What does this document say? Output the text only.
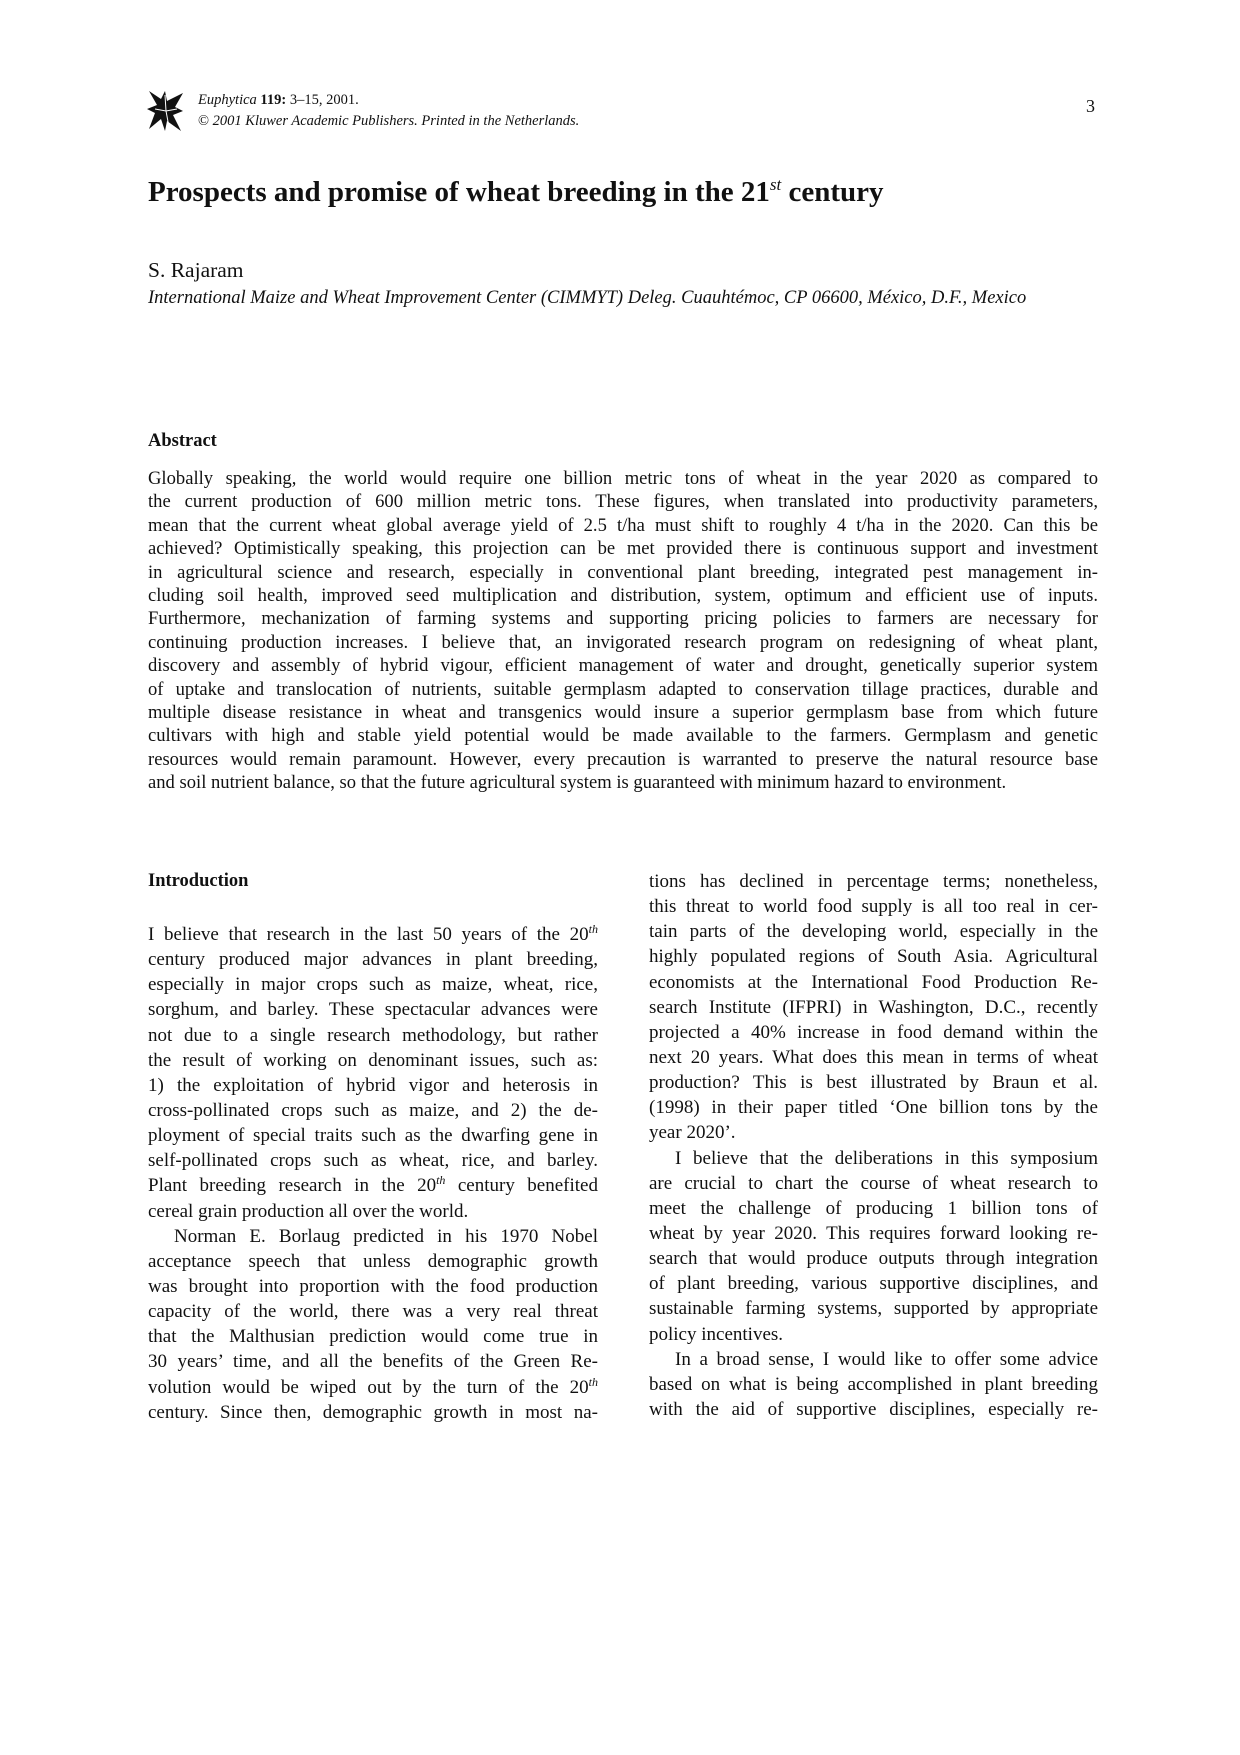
Euphytica 119: 3–15, 2001.
© 2001 Kluwer Academic Publishers. Printed in the Netherlands.
3
Prospects and promise of wheat breeding in the 21st century
S. Rajaram
International Maize and Wheat Improvement Center (CIMMYT) Deleg. Cuauhtémoc, CP 06600, México, D.F., Mexico
Abstract
Globally speaking, the world would require one billion metric tons of wheat in the year 2020 as compared to
the current production of 600 million metric tons. These figures, when translated into productivity parameters,
mean that the current wheat global average yield of 2.5 t/ha must shift to roughly 4 t/ha in the 2020. Can this be
achieved? Optimistically speaking, this projection can be met provided there is continuous support and investment
in agricultural science and research, especially in conventional plant breeding, integrated pest management in-
cluding soil health, improved seed multiplication and distribution, system, optimum and efficient use of inputs.
Furthermore, mechanization of farming systems and supporting pricing policies to farmers are necessary for
continuing production increases. I believe that, an invigorated research program on redesigning of wheat plant,
discovery and assembly of hybrid vigour, efficient management of water and drought, genetically superior system
of uptake and translocation of nutrients, suitable germplasm adapted to conservation tillage practices, durable and
multiple disease resistance in wheat and transgenics would insure a superior germplasm base from which future
cultivars with high and stable yield potential would be made available to the farmers. Germplasm and genetic
resources would remain paramount. However, every precaution is warranted to preserve the natural resource base
and soil nutrient balance, so that the future agricultural system is guaranteed with minimum hazard to environment.
Introduction
I believe that research in the last 50 years of the 20th
century produced major advances in plant breeding,
especially in major crops such as maize, wheat, rice,
sorghum, and barley. These spectacular advances were
not due to a single research methodology, but rather
the result of working on denominant issues, such as:
1) the exploitation of hybrid vigor and heterosis in
cross-pollinated crops such as maize, and 2) the de-
ployment of special traits such as the dwarfing gene in
self-pollinated crops such as wheat, rice, and barley.
Plant breeding research in the 20th century benefited
cereal grain production all over the world.
Norman E. Borlaug predicted in his 1970 Nobel
acceptance speech that unless demographic growth
was brought into proportion with the food production
capacity of the world, there was a very real threat
that the Malthusian prediction would come true in
30 years’ time, and all the benefits of the Green Re-
volution would be wiped out by the turn of the 20th
century. Since then, demographic growth in most na-
tions has declined in percentage terms; nonetheless,
this threat to world food supply is all too real in cer-
tain parts of the developing world, especially in the
highly populated regions of South Asia. Agricultural
economists at the International Food Production Re-
search Institute (IFPRI) in Washington, D.C., recently
projected a 40% increase in food demand within the
next 20 years. What does this mean in terms of wheat
production? This is best illustrated by Braun et al.
(1998) in their paper titled ‘One billion tons by the
year 2020’.
I believe that the deliberations in this symposium
are crucial to chart the course of wheat research to
meet the challenge of producing 1 billion tons of
wheat by year 2020. This requires forward looking re-
search that would produce outputs through integration
of plant breeding, various supportive disciplines, and
sustainable farming systems, supported by appropriate
policy incentives.
In a broad sense, I would like to offer some advice
based on what is being accomplished in plant breeding
with the aid of supportive disciplines, especially re-
